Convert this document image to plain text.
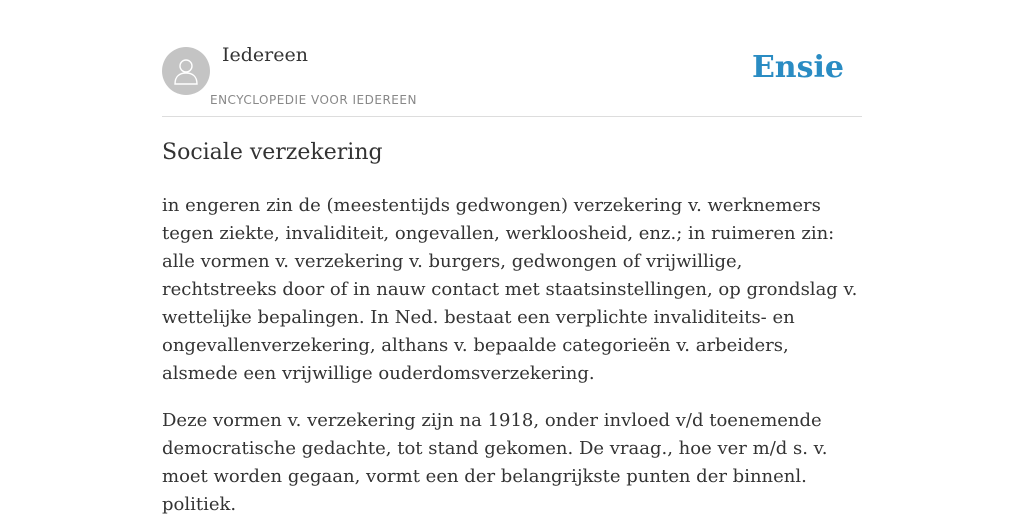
Iedereen
ENCYCLOPEDIE VOOR IEDEREEN
Ensie
Sociale verzekering

in engeren zin de (meestentijds gedwongen) verzekering v. werknemers tegen ziekte, invaliditeit, ongevallen, werkloosheid, enz.; in ruimeren zin: alle vormen v. verzekering v. burgers, gedwongen of vrijwillige, rechtstreeks door of in nauw contact met staatsinstellingen, op grondslag v. wettelijke bepalingen. In Ned. bestaat een verplichte invaliditeits- en ongevallenverzekering, althans v. bepaalde categorieën v. arbeiders, alsmede een vrijwillige ouderdomsverzekering.

Deze vormen v. verzekering zijn na 1918, onder invloed v/d toenemende democratische gedachte, tot stand gekomen. De vraag., hoe ver m/d s. v. moet worden gegaan, vormt een der belangrijkste punten der binnenl. politiek.
